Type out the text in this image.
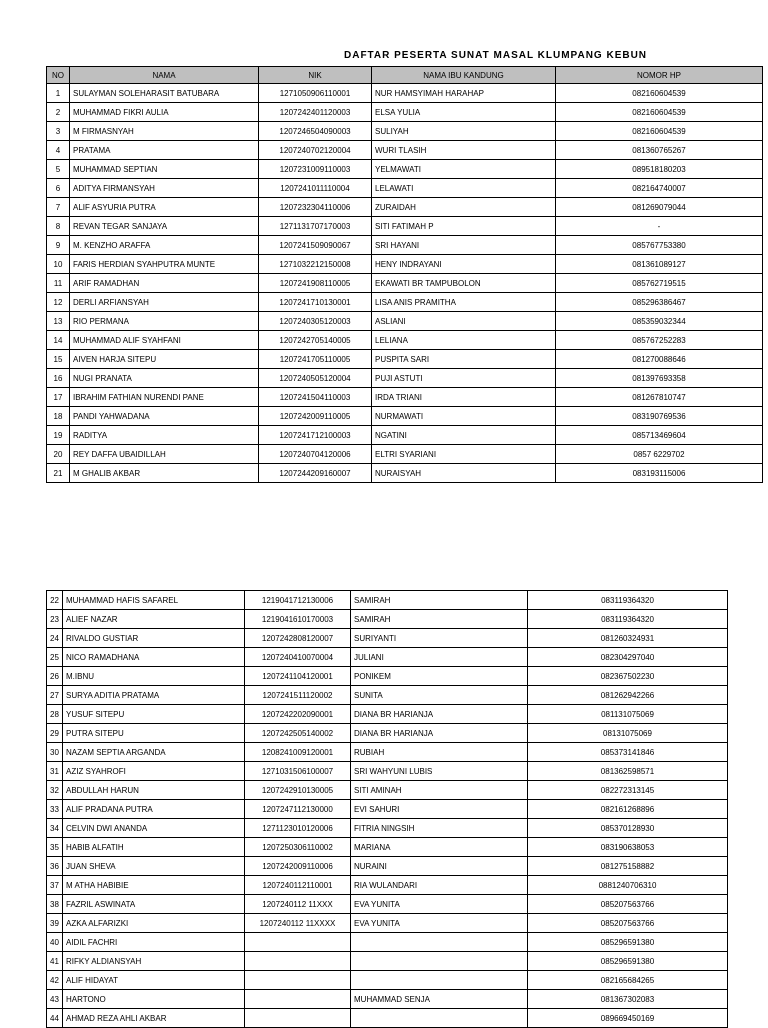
DAFTAR PESERTA SUNAT MASAL KLUMPANG KEBUN
NO	NAMA	NIK	NAMA IBU KANDUNG	NOMOR HP
1	SULAYMAN SOLEHARASIT BATUBARA	1271050906110001	NUR HAMSYIMAH HARAHAP	082160604539
2	MUHAMMAD FIKRI AULIA	1207242401120003	ELSA YULIA	082160604539
3	M FIRMASNYAH	1207246504090003	SULIYAH	082160604539
4	PRATAMA	1207240702120004	WURI TLASIH	081360765267
5	MUHAMMAD SEPTIAN	1207231009110003	YELMAWATI	089518180203
6	ADITYA FIRMANSYAH	1207241011110004	LELAWATI	082164740007
7	ALIF ASYURIA PUTRA	1207232304110006	ZURAIDAH	081269079044
8	REVAN TEGAR SANJAYA	1271131707170003	SITI FATIMAH P	-
9	M. KENZHO ARAFFA	1207241509090067	SRI HAYANI	085767753380
10	FARIS HERDIAN SYAHPUTRA MUNTE	1271032212150008	HENY INDRAYANI	081361089127
11	ARIF RAMADHAN	1207241908110005	EKAWATI BR TAMPUBOLON	085762719515
12	DERLI ARFIANSYAH	1207241710130001	LISA ANIS PRAMITHA	085296386467
13	RIO PERMANA	1207240305120003	ASLIANI	085359032344
14	MUHAMMAD ALIF SYAHFANI	1207242705140005	LELIANA	085767252283
15	AIVEN HARJA SITEPU	1207241705110005	PUSPITA SARI	081270088646
16	NUGI PRANATA	1207240505120004	PUJI ASTUTI	081397693358
17	IBRAHIM FATHIAN NURENDI PANE	1207241504110003	IRDA TRIANI	081267810747
18	PANDI YAHWADANA	1207242009110005	NURMAWATI	083190769536
19	RADITYA	1207241712100003	NGATINI	085713469604
20	REY DAFFA UBAIDILLAH	1207240704120006	ELTRI SYARIANI	0857 6229702
21	M GHALIB AKBAR	1207244209160007	NURAISYAH	083193115006
22	MUHAMMAD HAFIS SAFAREL	1219041712130006	SAMIRAH	083119364320
23	ALIEF NAZAR	1219041610170003	SAMIRAH	083119364320
24	RIVALDO GUSTIAR	1207242808120007	SURIYANTI	081260324931
25	NICO RAMADHANA	1207240410070004	JULIANI	082304297040
26	M.IBNU	1207241104120001	PONIKEM	082367502230
27	SURYA ADITIA PRATAMA	1207241511120002	SUNITA	081262942266
28	YUSUF SITEPU	1207242202090001	DIANA BR HARIANJA	081131075069
29	PUTRA SITEPU	1207242505140002	DIANA BR HARIANJA	08131075069
30	NAZAM SEPTIA ARGANDA	1208241009120001	RUBIAH	085373141846
31	AZIZ SYAHROFI	1271031506100007	SRI WAHYUNI LUBIS	081362598571
32	ABDULLAH HARUN	1207242910130005	SITI AMINAH	082272313145
33	ALIF PRADANA PUTRA	1207247112130000	EVI SAHURI	082161268896
34	CELVIN DWI ANANDA	1271123010120006	FITRIA NINGSIH	085370128930
35	HABIB ALFATIH	1207250306110002	MARIANA	083190638053
36	JUAN SHEVA	1207242009110006	NURAINI	081275158882
37	M ATHA HABIBIE	1207240112110001	RIA WULANDARI	0881240706310
38	FAZRIL ASWINATA	1207240112 11XXX	EVA YUNITA	085207563766
39	AZKA ALFARIZKI	1207240112 11XXXX	EVA YUNITA	085207563766
40	AIDIL FACHRI			085296591380
41	RIFKY ALDIANSYAH			085296591380
42	ALIF HIDAYAT			082165684265
43	HARTONO		MUHAMMAD SENJA	081367302083
44	AHMAD REZA AHLI AKBAR			089669450169
